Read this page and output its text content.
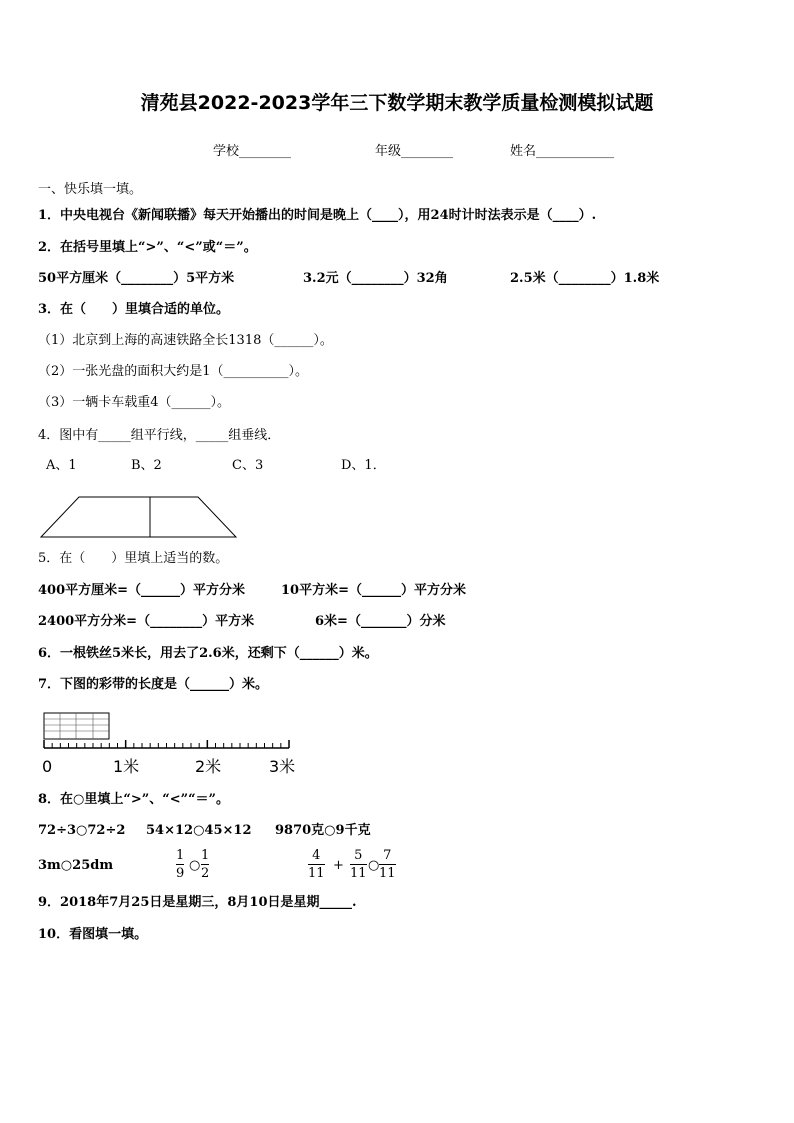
清苑县2022-2023学年三下数学期末教学质量检测模拟试题
学校________	年级________	姓名____________
一、快乐填一填。
1．中央电视台《新闻联播》每天开始播出的时间是晚上（____），用24时计时法表示是（____）.
2．在括号里填上“>”、“<”或“＝”。
50平方厘米（________）5平方米	3.2元（________）32角	2.5米（________）1.8米
3．在（　　）里填合适的单位。
（1）北京到上海的高速铁路全长1318（______）。
（2）一张光盘的面积大约是1（__________）。
（3）一辆卡车载重4（______）。
4．图中有_____组平行线，_____组垂线．
A、1	B、2	C、3	D、1．
5．在（　　）里填上适当的数。
400平方厘米=（______）平方分米	10平方米=（______）平方分米
2400平方分米=（________）平方米	6米=（_______）分米
6．一根铁丝5米长，用去了2.6米，还剩下（______）米。
7．下图的彩带的长度是（______）米。
0	1米	2米	3米
8．在○里填上“>”、“<”“＝”。
72÷3○72÷2 54×12○45×12 9870克○9千克
3m○25dm
1
9
○
1
2
4
11
+
5
11
○
7
11
9．2018年7月25日是星期三，8月10日是星期_____.
10．看图填一填。
